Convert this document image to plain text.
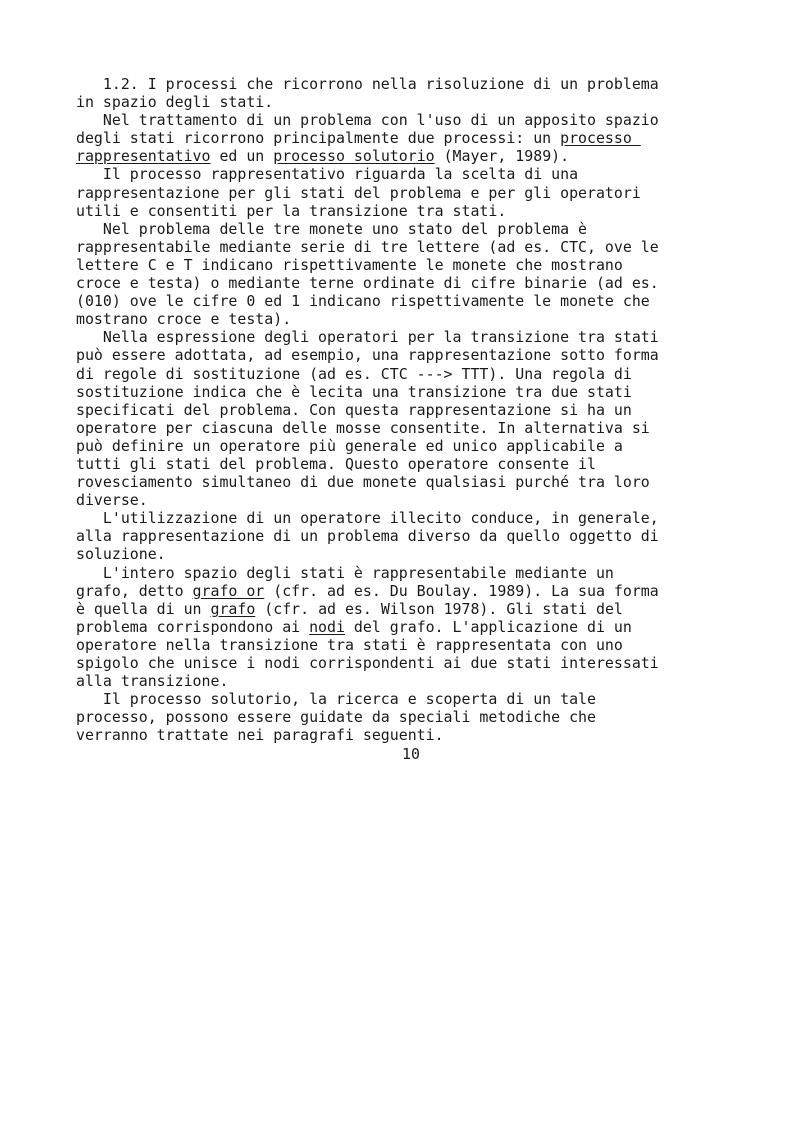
1.2. I processi che ricorrono nella risoluzione di un problema
in spazio degli stati.
Nel trattamento di un problema con l'uso di un apposito spazio
degli stati ricorrono principalmente due processi: un processo
rappresentativo ed un processo solutorio (Mayer, 1989).
Il processo rappresentativo riguarda la scelta di una
rappresentazione per gli stati del problema e per gli operatori
utili e consentiti per la transizione tra stati.
Nel problema delle tre monete uno stato del problema è
rappresentabile mediante serie di tre lettere (ad es. CTC, ove le
lettere C e T indicano rispettivamente le monete che mostrano
croce e testa) o mediante terne ordinate di cifre binarie (ad es.
(010) ove le cifre 0 ed 1 indicano rispettivamente le monete che
mostrano croce e testa).
Nella espressione degli operatori per la transizione tra stati
può essere adottata, ad esempio, una rappresentazione sotto forma
di regole di sostituzione (ad es. CTC ---> TTT). Una regola di
sostituzione indica che è lecita una transizione tra due stati
specificati del problema. Con questa rappresentazione si ha un
operatore per ciascuna delle mosse consentite. In alternativa si
può definire un operatore più generale ed unico applicabile a
tutti gli stati del problema. Questo operatore consente il
rovesciamento simultaneo di due monete qualsiasi purché tra loro
diverse.
L'utilizzazione di un operatore illecito conduce, in generale,
alla rappresentazione di un problema diverso da quello oggetto di
soluzione.
L'intero spazio degli stati è rappresentabile mediante un
grafo, detto grafo or (cfr. ad es. Du Boulay. 1989). La sua forma
è quella di un grafo (cfr. ad es. Wilson 1978). Gli stati del
problema corrispondono ai nodi del grafo. L'applicazione di un
operatore nella transizione tra stati è rappresentata con uno
spigolo che unisce i nodi corrispondenti ai due stati interessati
alla transizione.
Il processo solutorio, la ricerca e scoperta di un tale
processo, possono essere guidate da speciali metodiche che
verranno trattate nei paragrafi seguenti.
10
